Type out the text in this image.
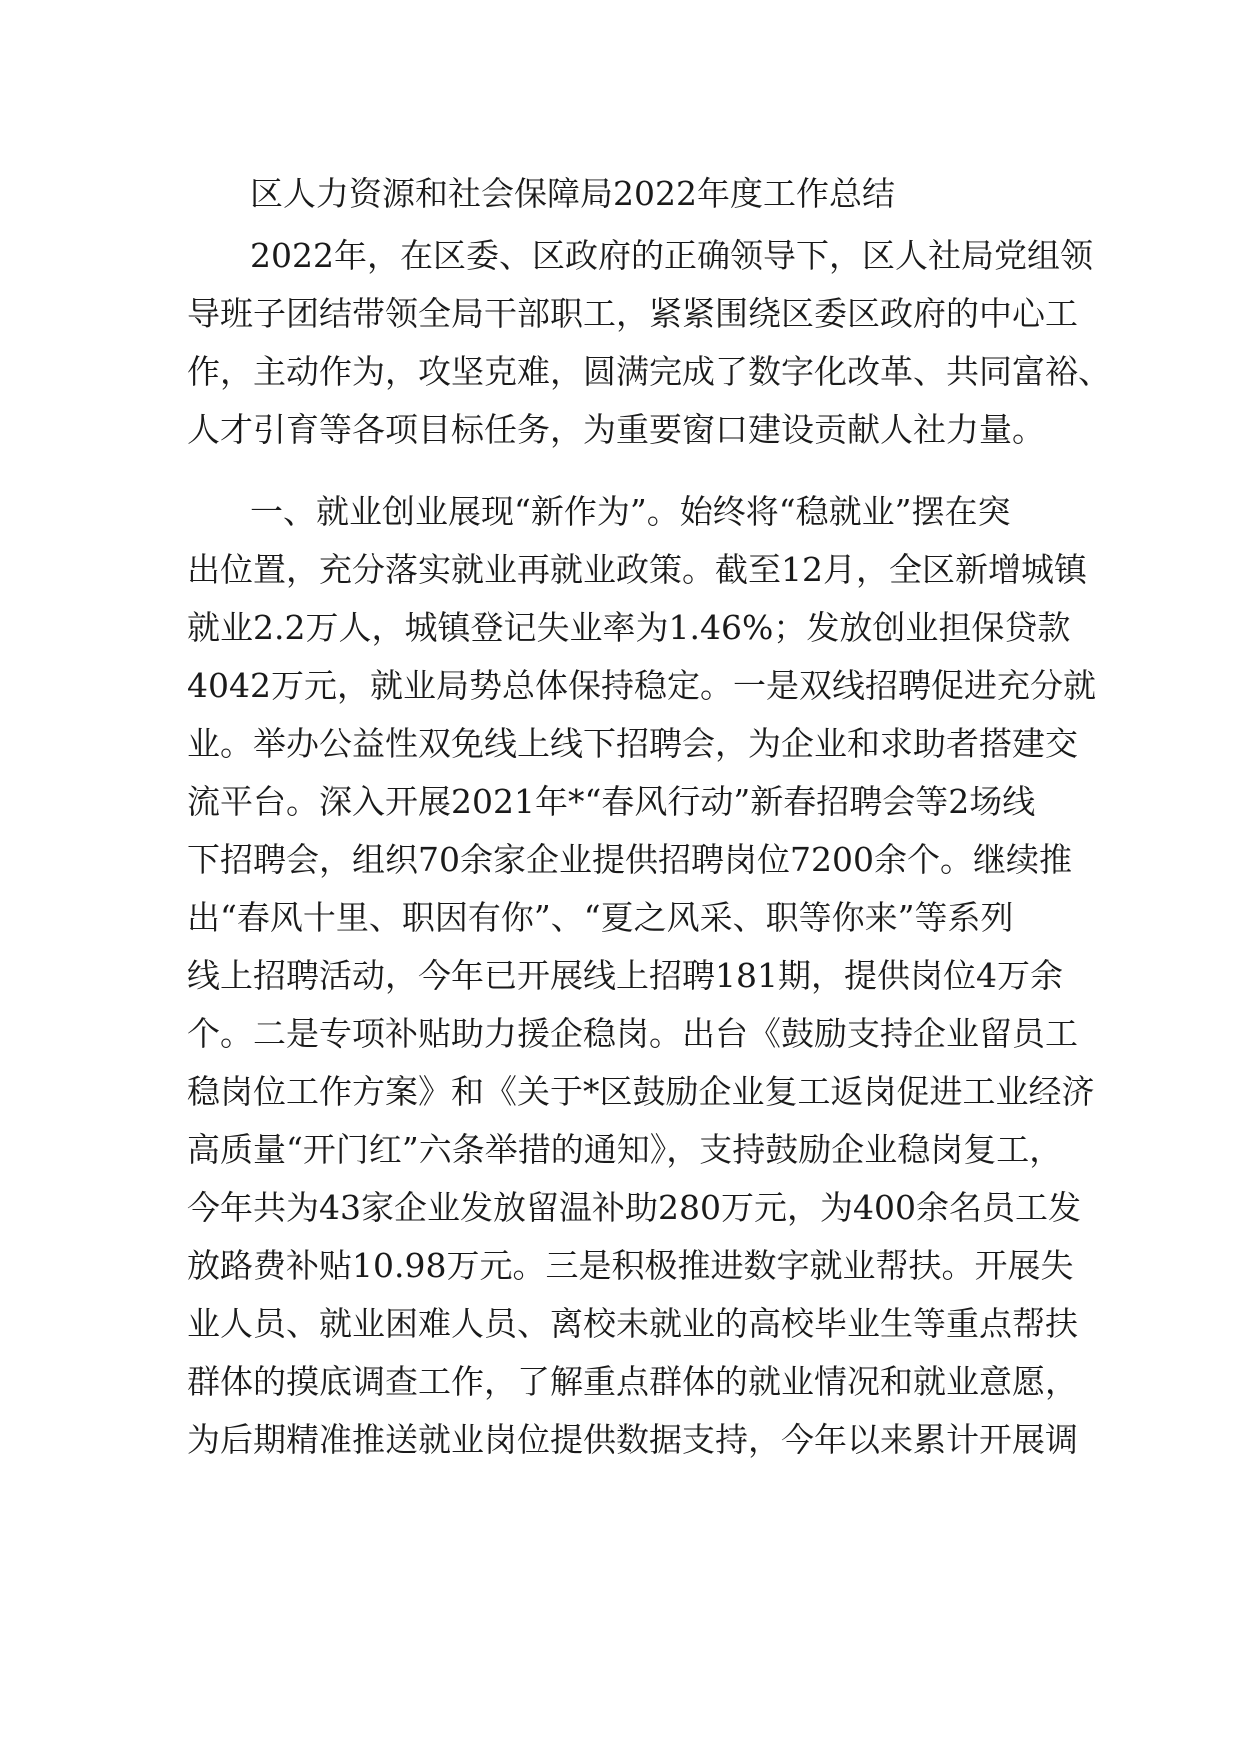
区人力资源和社会保障局2022年度工作总结
2022年，在区委、区政府的正确领导下，区人社局党组领
导班子团结带领全局干部职工，紧紧围绕区委区政府的中心工
作，主动作为，攻坚克难，圆满完成了数字化改革、共同富裕、
人才引育等各项目标任务，为重要窗口建设贡献人社力量。
一、就业创业展现“新作为”。始终将“稳就业”摆在突
出位置，充分落实就业再就业政策。截至12月，全区新增城镇
就业2.2万人，城镇登记失业率为1.46%；发放创业担保贷款
4042万元，就业局势总体保持稳定。一是双线招聘促进充分就
业。举办公益性双免线上线下招聘会，为企业和求助者搭建交
流平台。深入开展2021年*“春风行动”新春招聘会等2场线
下招聘会，组织70余家企业提供招聘岗位7200余个。继续推
出“春风十里、职因有你”、“夏之风采、职等你来”等系列
线上招聘活动，今年已开展线上招聘181期，提供岗位4万余
个。二是专项补贴助力援企稳岗。出台《鼓励支持企业留员工
稳岗位工作方案》和《关于*区鼓励企业复工返岗促进工业经济
高质量“开门红”六条举措的通知》，支持鼓励企业稳岗复工，
今年共为43家企业发放留温补助280万元，为400余名员工发
放路费补贴10.98万元。三是积极推进数字就业帮扶。开展失
业人员、就业困难人员、离校未就业的高校毕业生等重点帮扶
群体的摸底调查工作，了解重点群体的就业情况和就业意愿，
为后期精准推送就业岗位提供数据支持，今年以来累计开展调
